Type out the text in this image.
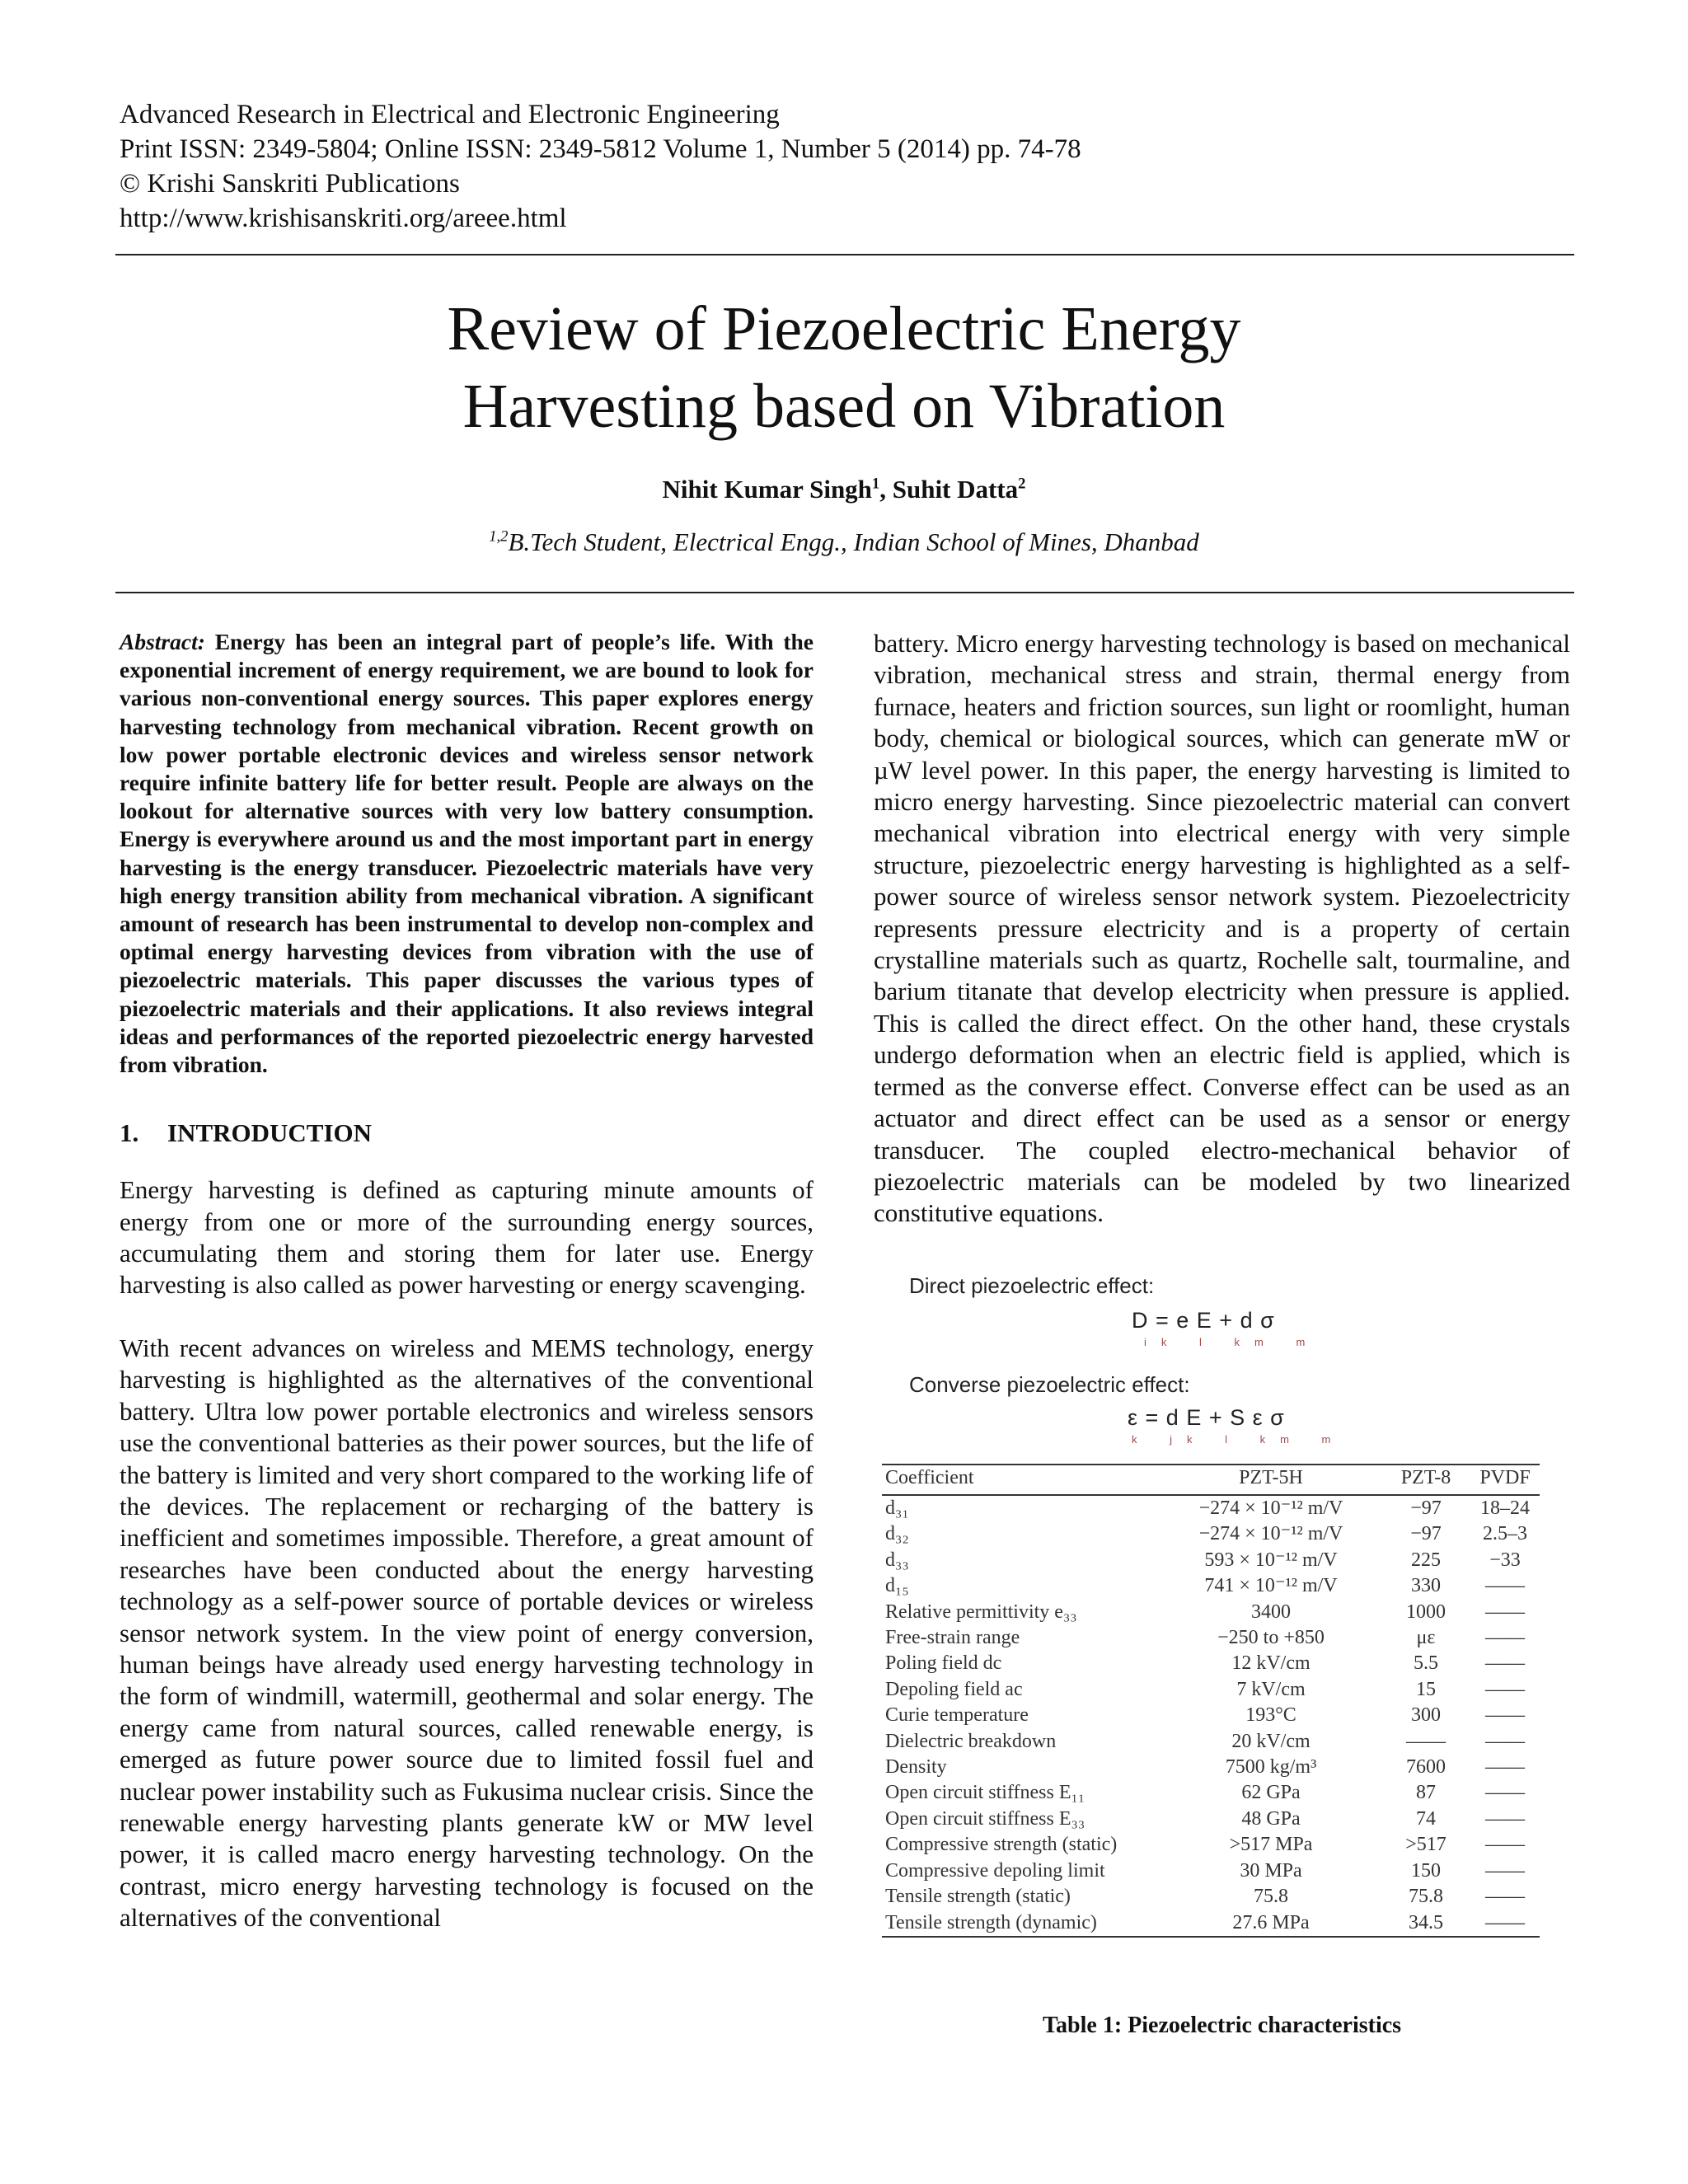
Advanced Research in Electrical and Electronic Engineering
Print ISSN: 2349-5804; Online ISSN: 2349-5812 Volume 1, Number 5 (2014) pp. 74-78
© Krishi Sanskriti Publications
http://www.krishisanskriti.org/areee.html
Review of Piezoelectric Energy
Harvesting based on Vibration
Nihit Kumar Singh$^1$, Suhit Datta$^2$
$^{1,2}$B.Tech Student, Electrical Engg., Indian School of Mines, Dhanbad

Abstract: Energy has been an integral part of people’s life. With the exponential increment of energy requirement, we are bound to look for various non-conventional energy sources. This paper explores energy harvesting technology from mechanical vibration. Recent growth on low power portable electronic devices and wireless sensor network require infinite battery life for better result. People are always on the lookout for alternative sources with very low battery consumption. Energy is everywhere around us and the most important part in energy harvesting is the energy transducer. Piezoelectric materials have very high energy transition ability from mechanical vibration. A significant amount of research has been instrumental to develop non-complex and optimal energy harvesting devices from vibration with the use of piezoelectric materials. This paper discusses the various types of piezoelectric materials and their applications. It also reviews integral ideas and performances of the reported piezoelectric energy harvested from vibration.

1. INTRODUCTION

Energy harvesting is defined as capturing minute amounts of energy from one or more of the surrounding energy sources, accumulating them and storing them for later use. Energy harvesting is also called as power harvesting or energy scavenging.

With recent advances on wireless and MEMS technology, energy harvesting is highlighted as the alternatives of the conventional battery. Ultra low power portable electronics and wireless sensors use the conventional batteries as their power sources, but the life of the battery is limited and very short compared to the working life of the devices. The replacement or recharging of the battery is inefficient and sometimes impossible. Therefore, a great amount of researches have been conducted about the energy harvesting technology as a self-power source of portable devices or wireless sensor network system. In the view point of energy conversion, human beings have already used energy harvesting technology in the form of windmill, watermill, geothermal and solar energy. The energy came from natural sources, called renewable energy, is emerged as future power source due to limited fossil fuel and nuclear power instability such as Fukusima nuclear crisis. Since the renewable energy harvesting plants generate kW or MW level power, it is called macro energy harvesting technology. On the contrast, micro energy harvesting technology is focused on the alternatives of the conventional

battery. Micro energy harvesting technology is based on mechanical vibration, mechanical stress and strain, thermal energy from furnace, heaters and friction sources, sun light or roomlight, human body, chemical or biological sources, which can generate mW or µW level power. In this paper, the energy harvesting is limited to micro energy harvesting. Since piezoelectric material can convert mechanical vibration into electrical energy with very simple structure, piezoelectric energy harvesting is highlighted as a self-power source of wireless sensor network system. Piezoelectricity represents pressure electricity and is a property of certain crystalline materials such as quartz, Rochelle salt, tourmaline, and barium titanate that develop electricity when pressure is applied. This is called the direct effect. On the other hand, these crystals undergo deformation when an electric field is applied, which is termed as the converse effect. Converse effect can be used as an actuator and direct effect can be used as a sensor or energy transducer. The coupled electro-mechanical behavior of piezoelectric materials can be modeled by two linearized constitutive equations.

Direct piezoelectric effect:
D = e E + d σ
ik l km m
Converse piezoelectric effect:
ε = d E + S ε σ
k jk l km m
Coefficient	PZT-5H	PZT-8	PVDF
d₃₁	−274 × 10⁻¹² m/V	−97	18–24
d₃₂	−274 × 10⁻¹² m/V	−97	2.5–3
d₃₃	593 × 10⁻¹² m/V	225	−33
d₁₅	741 × 10⁻¹² m/V	330	——
Relative permittivity e₃₃	3400	1000	——
Free-strain range	−250 to +850	με	——
Poling field dc	12 kV/cm	5.5	——
Depoling field ac	7 kV/cm	15	——
Curie temperature	193°C	300	——
Dielectric breakdown	20 kV/cm	——	——
Density	7500 kg/m³	7600	——
Open circuit stiffness E₁₁	62 GPa	87	——
Open circuit stiffness E₃₃	48 GPa	74	——
Compressive strength (static)	>517 MPa	>517	——
Compressive depoling limit	30 MPa	150	——
Tensile strength (static)	75.8	75.8	——
Tensile strength (dynamic)	27.6 MPa	34.5	——
Table 1: Piezoelectric characteristics
